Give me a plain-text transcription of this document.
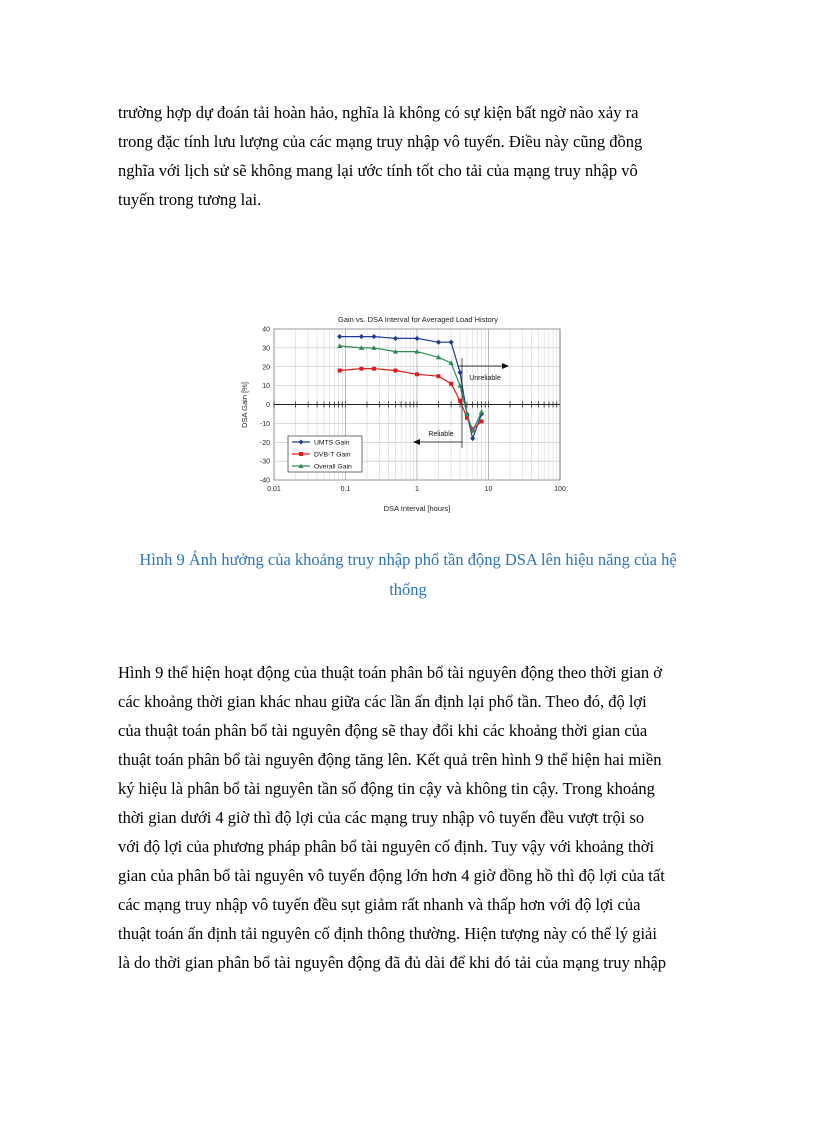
trường hợp dự đoán tải hoàn hảo, nghĩa là không có sự kiện bất ngờ nào xảy ra
trong đặc tính lưu lượng của các mạng truy nhập vô tuyến. Điều này cũng đồng
nghĩa với lịch sử sẽ không mang lại ước tính tốt cho tải của mạng truy nhập vô
tuyến trong tương lai.
Gain vs. DSA Interval for Averaged Load History
40
30
20
10
0
-10
-20
-30
-40
0.01	0.1	1	10	100
DSA Interval [hours]
DSA Gain [%]
Unreliable
Reliable
UMTS Gain
DVB-T Gain
Overall Gain
Hình 9 Ảnh hưởng của khoảng truy nhập phổ tần động DSA lên hiệu năng của hệ
thống
Hình 9 thể hiện hoạt động của thuật toán phân bổ tài nguyên động theo thời gian ở
các khoảng thời gian khác nhau giữa các lần ấn định lại phổ tần. Theo đó, độ lợi
của thuật toán phân bổ tài nguyên động sẽ thay đổi khi các khoảng thời gian của
thuật toán phân bổ tài nguyên động tăng lên. Kết quả trên hình 9 thể hiện hai miền
ký hiệu là phân bổ tài nguyên tần số động tin cậy và không tin cậy. Trong khoảng
thời gian dưới 4 giờ thì độ lợi của các mạng truy nhập vô tuyến đều vượt trội so
với độ lợi của phương pháp phân bổ tài nguyên cố định. Tuy vậy với khoảng thời
gian của phân bổ tài nguyên vô tuyến động lớn hơn 4 giờ đồng hồ thì độ lợi của tất
các mạng truy nhập vô tuyến đều sụt giảm rất nhanh và thấp hơn với độ lợi của
thuật toán ấn định tải nguyên cố định thông thường. Hiện tượng này có thể lý giải
là do thời gian phân bổ tài nguyên động đã đủ dài để khi đó tải của mạng truy nhập
